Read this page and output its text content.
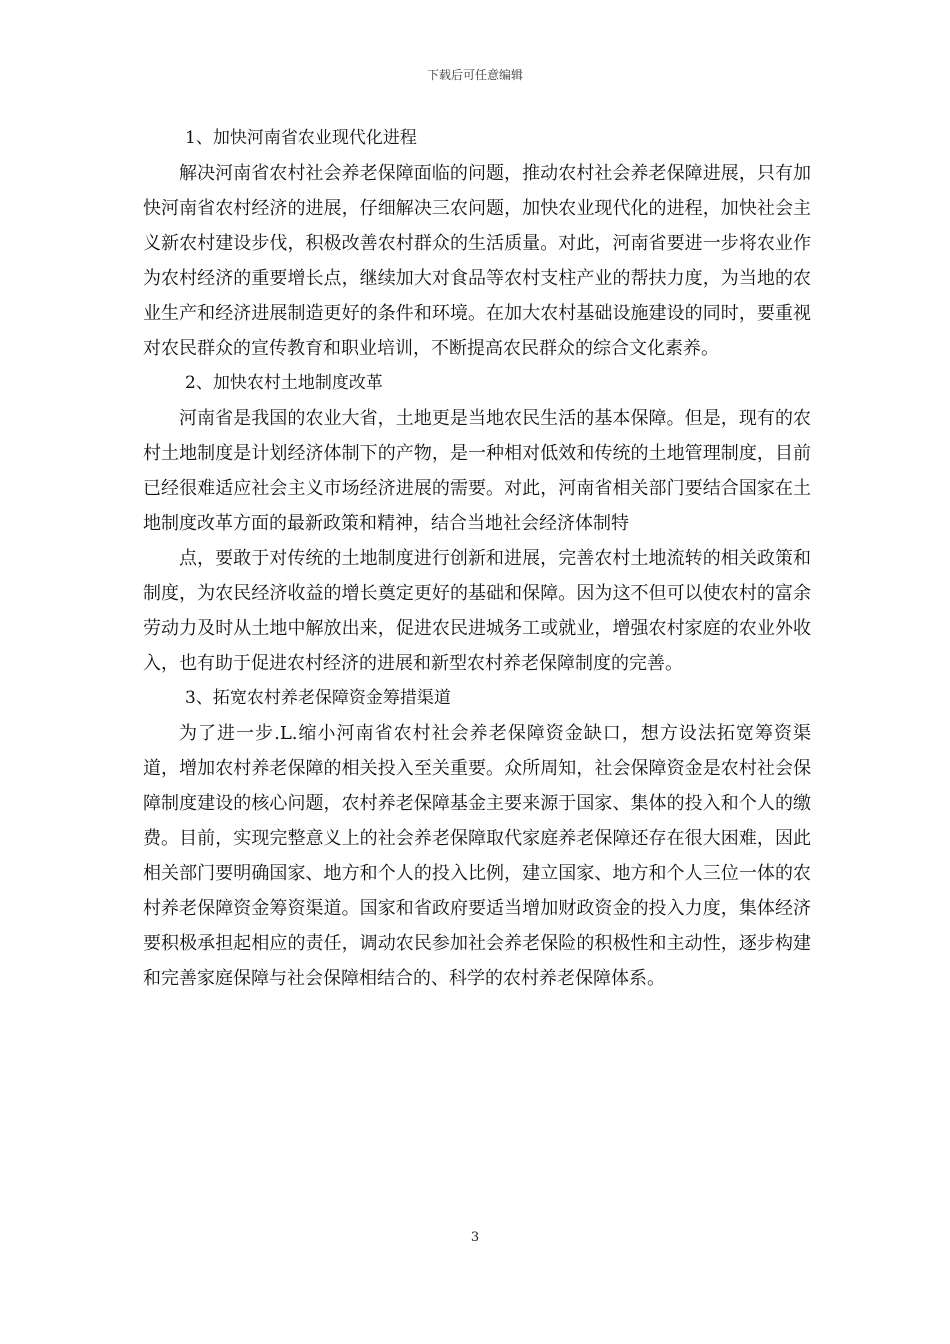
下载后可任意编辑

1、加快河南省农业现代化进程

解决河南省农村社会养老保障面临的问题，推动农村社会养老保障进展，只有加快河南省农村经济的进展，仔细解决三农问题，加快农业现代化的进程，加快社会主义新农村建设步伐，积极改善农村群众的生活质量。对此，河南省要进一步将农业作为农村经济的重要增长点，继续加大对食品等农村支柱产业的帮扶力度，为当地的农业生产和经济进展制造更好的条件和环境。在加大农村基础设施建设的同时，要重视对农民群众的宣传教育和职业培训，不断提高农民群众的综合文化素养。

2、加快农村土地制度改革

河南省是我国的农业大省，土地更是当地农民生活的基本保障。但是，现有的农村土地制度是计划经济体制下的产物，是一种相对低效和传统的土地管理制度，目前已经很难适应社会主义市场经济进展的需要。对此，河南省相关部门要结合国家在土地制度改革方面的最新政策和精神，结合当地社会经济体制特

点，要敢于对传统的土地制度进行创新和进展，完善农村土地流转的相关政策和制度，为农民经济收益的增长奠定更好的基础和保障。因为这不但可以使农村的富余劳动力及时从土地中解放出来，促进农民进城务工或就业，增强农村家庭的农业外收入，也有助于促进农村经济的进展和新型农村养老保障制度的完善。

3、拓宽农村养老保障资金筹措渠道

为了进一步.L.缩小河南省农村社会养老保障资金缺口，想方设法拓宽筹资渠道，增加农村养老保障的相关投入至关重要。众所周知，社会保障资金是农村社会保障制度建设的核心问题，农村养老保障基金主要来源于国家、集体的投入和个人的缴费。目前，实现完整意义上的社会养老保障取代家庭养老保障还存在很大困难，因此相关部门要明确国家、地方和个人的投入比例，建立国家、地方和个人三位一体的农村养老保障资金筹资渠道。国家和省政府要适当增加财政资金的投入力度，集体经济要积极承担起相应的责任，调动农民参加社会养老保险的积极性和主动性，逐步构建和完善家庭保障与社会保障相结合的、科学的农村养老保障体系。

3
